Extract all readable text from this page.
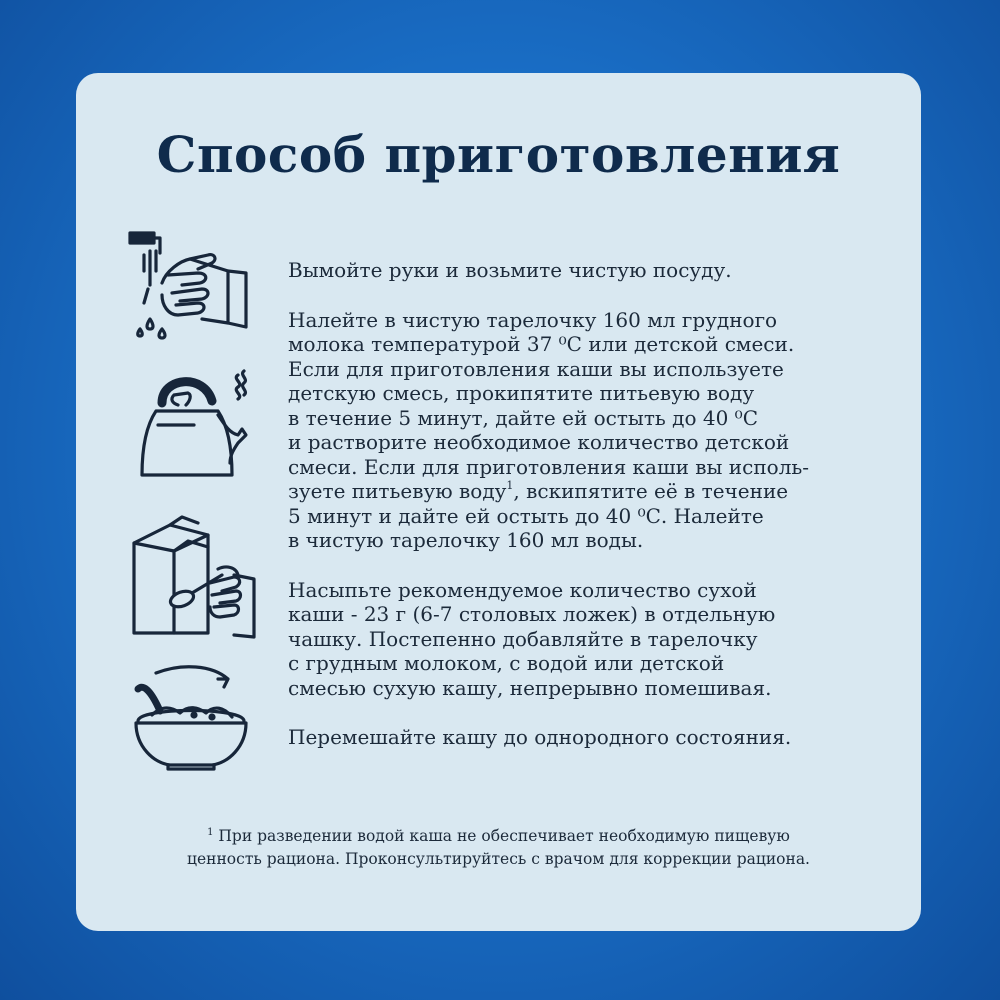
Способ приготовления
Вымойте руки и возьмите чистую посуду.
Налейте в чистую тарелочку 160 мл грудного
молока температурой 37 ⁰С или детской смеси.
Если для приготовления каши вы используете
детскую смесь, прокипятите питьевую воду
в течение 5 минут, дайте ей остыть до 40 ⁰С
и растворите необходимое количество детской
смеси. Если для приготовления каши вы исполь-
зуете питьевую воду$^1$, вскипятите её в течение
5 минут и дайте ей остыть до 40 ⁰С. Налейте
в чистую тарелочку 160 мл воды.
Насыпьте рекомендуемое количество сухой
каши - 23 г (6-7 столовых ложек) в отдельную
чашку. Постепенно добавляйте в тарелочку
с грудным молоком, с водой или детской
смесью сухую кашу, непрерывно помешивая.
Перемешайте кашу до однородного состояния.
$^1$ При разведении водой каша не обеспечивает необходимую пищевую
ценность рациона. Проконсультируйтесь с врачом для коррекции рациона.
